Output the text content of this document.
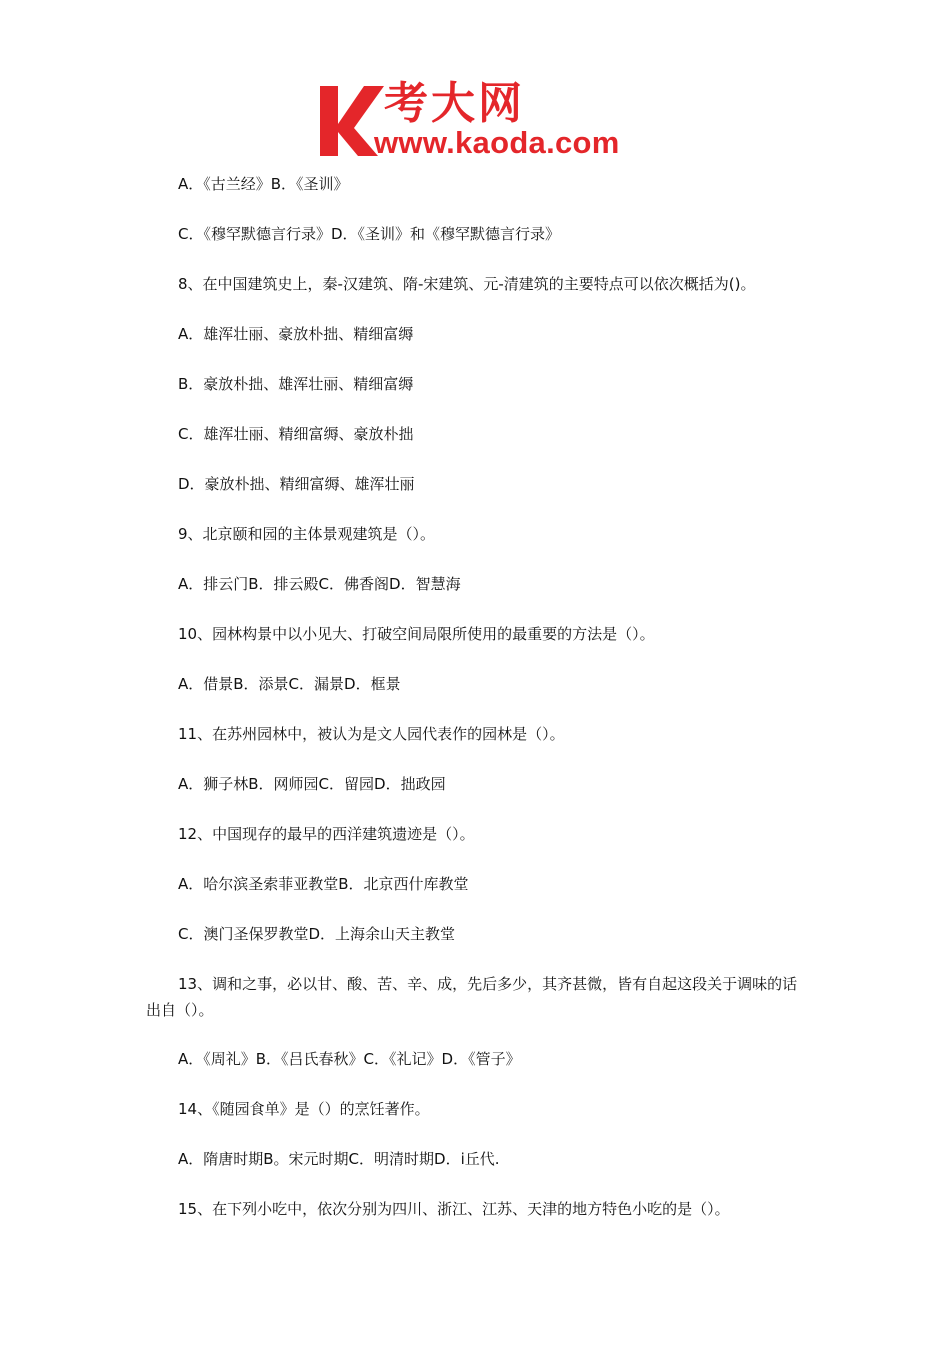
考大网
www.kaoda.com
A．《古兰经》B．《圣训》
C．《穆罕默德言行录》D．《圣训》和《穆罕默德言行录》
8、在中国建筑史上，秦-汉建筑、隋-宋建筑、元-清建筑的主要特点可以依次概括为()。
A．雄浑壮丽、豪放朴拙、精细富缛
B．豪放朴拙、雄浑壮丽、精细富缛
C．雄浑壮丽、精细富缛、豪放朴拙
D．豪放朴拙、精细富缛、雄浑壮丽
9、北京颐和园的主体景观建筑是（）。
A．排云门B．排云殿C．佛香阁D．智慧海
10、园林构景中以小见大、打破空间局限所使用的最重要的方法是（）。
A．借景B．添景C．漏景D．框景
11、在苏州园林中，被认为是文人园代表作的园林是（）。
A．狮子林B．网师园C．留园D．拙政园
12、中国现存的最早的西洋建筑遗迹是（）。
A．哈尔滨圣索菲亚教堂B．北京西什库教堂
C．澳门圣保罗教堂D．上海余山天主教堂
13、调和之事，必以甘、酸、苦、辛、成，先后多少，其齐甚微，皆有自起这段关于调味的话出自（）。
A．《周礼》B．《吕氏春秋》C．《礼记》D．《管子》
14、《随园食单》是（）的烹饪著作。
A．隋唐时期B。宋元时期C．明清时期D．i丘代.
15、在下列小吃中，依次分别为四川、浙江、江苏、天津的地方特色小吃的是（）。
